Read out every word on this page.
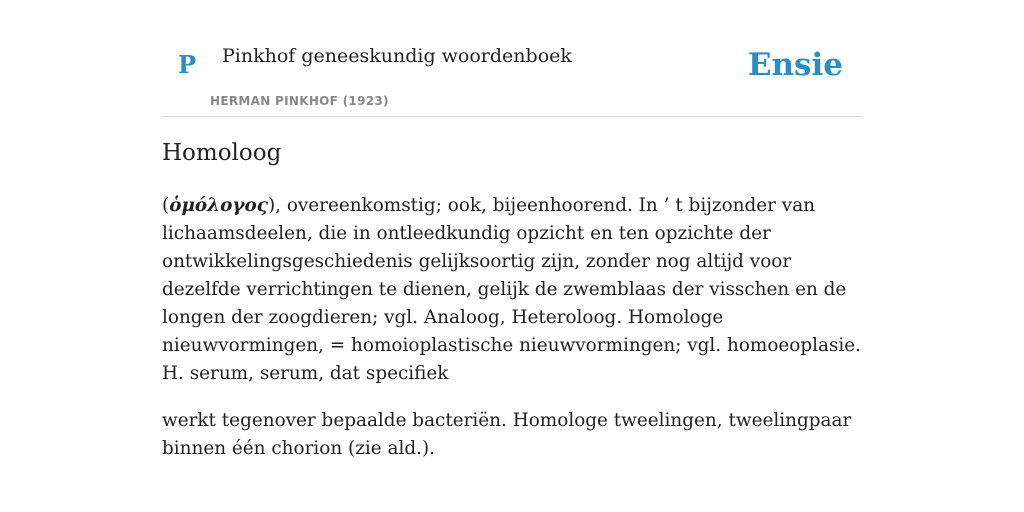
P Pinkhof geneeskundig woordenboek
HERMAN PINKHOF (1923)
Ensie
Homoloog

(ὁμόλογος), overeenkomstig; ook, bijeenhoorend. In ’ t bijzonder van lichaamsdeelen, die in ontleedkundig opzicht en ten opzichte der ontwikkelingsgeschiedenis gelijksoortig zijn, zonder nog altijd voor dezelfde verrichtingen te dienen, gelijk de zwemblaas der visschen en de longen der zoogdieren; vgl. Analoog, Heteroloog. Homologe nieuwvormingen, = homoioplastische nieuwvormingen; vgl. homoeoplasie. H. serum, serum, dat specifiek

werkt tegenover bepaalde bacteriën. Homologe tweelingen, tweelingpaar binnen één chorion (zie ald.).
